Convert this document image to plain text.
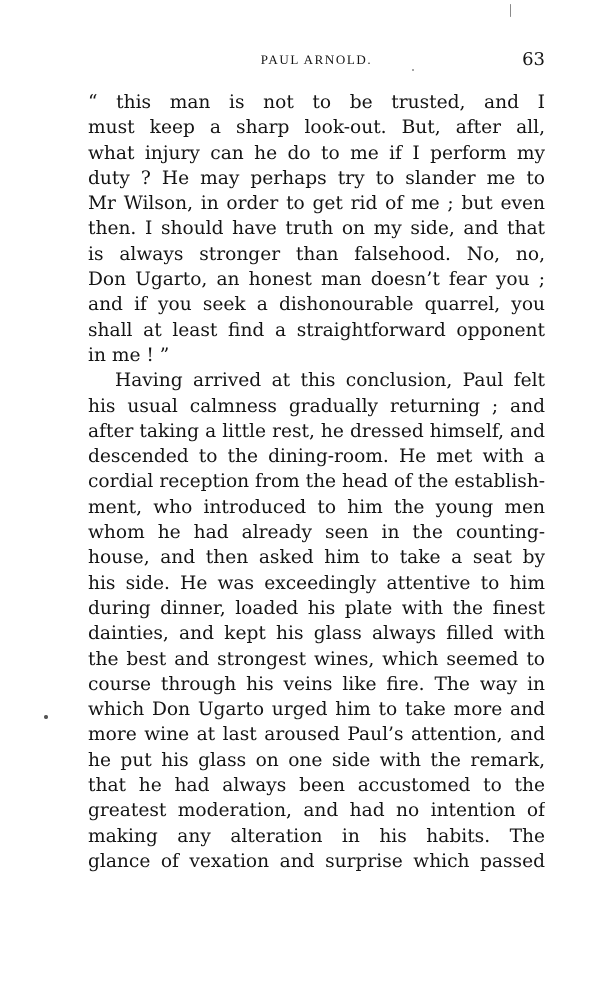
PAUL ARNOLD.	63
“ this man is not to be trusted, and I
must keep a sharp look-out. But, after all,
what injury can he do to me if I perform my
duty ? He may perhaps try to slander me to
Mr Wilson, in order to get rid of me ; but even
then. I should have truth on my side, and that
is always stronger than falsehood. No, no,
Don Ugarto, an honest man doesn’t fear you ;
and if you seek a dishonourable quarrel, you
shall at least find a straightforward opponent
in me ! ”
Having arrived at this conclusion, Paul felt
his usual calmness gradually returning ; and
after taking a little rest, he dressed himself, and
descended to the dining-room. He met with a
cordial reception from the head of the establish-
ment, who introduced to him the young men
whom he had already seen in the counting-
house, and then asked him to take a seat by
his side. He was exceedingly attentive to him
during dinner, loaded his plate with the finest
dainties, and kept his glass always filled with
the best and strongest wines, which seemed to
course through his veins like fire. The way in
which Don Ugarto urged him to take more and
more wine at last aroused Paul’s attention, and
he put his glass on one side with the remark,
that he had always been accustomed to the
greatest moderation, and had no intention of
making any alteration in his habits. The
glance of vexation and surprise which passed
